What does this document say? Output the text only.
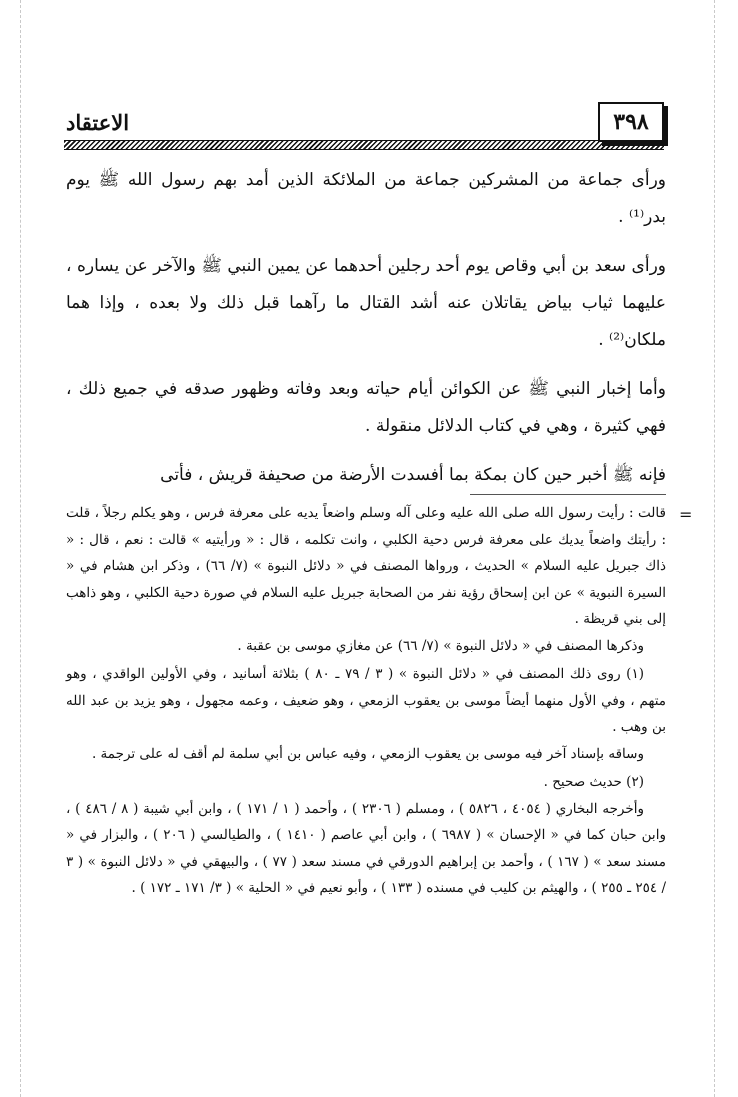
الاعتقاد	٣٩٨

ورأى جماعة من المشركين جماعة من الملائكة الذين أمد بهم رسول الله ﷺ يوم بدر⁽¹⁾ .

ورأى سعد بن أبي وقاص يوم أحد رجلين أحدهما عن يمين النبي ﷺ والآخر عن يساره ، عليهما ثياب بياض يقاتلان عنه أشد القتال ما رآهما قبل ذلك ولا بعده ، وإذا هما ملكان⁽²⁾ .

وأما إخبار النبي ﷺ عن الكوائن أيام حياته وبعد وفاته وظهور صدقه في جميع ذلك ، فهي كثيرة ، وهي في كتاب الدلائل منقولة .

فإنه ﷺ أخبر حين كان بمكة بما أفسدت الأرضة من صحيفة قريش ، فأتى

=

قالت : رأيت رسول الله صلى الله عليه وعلى آله وسلم واضعاً يديه على معرفة فرس ، وهو يكلم رجلاً ، قلت : رأيتك واضعاً يديك على معرفة فرس دحية الكلبي ، وانت تكلمه ، قال : « ورأيتيه » قالت : نعم ، قال : « ذاك جبريل عليه السلام » الحديث ، ورواها المصنف في « دلائل النبوة » (٧/ ٦٦) ، وذكر ابن هشام في « السيرة النبوية » عن ابن إسحاق رؤية نفر من الصحابة جبريل عليه السلام في صورة دحية الكلبي ، وهو ذاهب إلى بني قريظة .

وذكرها المصنف في « دلائل النبوة » (٧/ ٦٦) عن مغازي موسى بن عقبة .

(١) روى ذلك المصنف في « دلائل النبوة » ( ٣ / ٧٩ ـ ٨٠ ) بثلاثة أسانيد ، وفي الأولين الواقدي ، وهو متهم ، وفي الأول منهما أيضاً موسى بن يعقوب الزمعي ، وهو ضعيف ، وعمه مجهول ، وهو يزيد بن عبد الله بن وهب .

وساقه بإسناد آخر فيه موسى بن يعقوب الزمعي ، وفيه عباس بن أبي سلمة لم أقف له على ترجمة .

(٢) حديث صحيح .

وأخرجه البخاري ( ٤٠٥٤ ، ٥٨٢٦ ) ، ومسلم ( ٢٣٠٦ ) ، وأحمد ( ١ / ١٧١ ) ، وابن أبي شيبة ( ٨ / ٤٨٦ ) ، وابن حبان كما في « الإحسان » ( ٦٩٨٧ ) ، وابن أبي عاصم ( ١٤١٠ ) ، والطيالسي ( ٢٠٦ ) ، والبزار في « مسند سعد » ( ١٦٧ ) ، وأحمد بن إبراهيم الدورقي في مسند سعد ( ٧٧ ) ، والبيهقي في « دلائل النبوة » ( ٣ / ٢٥٤ ـ ٢٥٥ ) ، والهيثم بن كليب في مسنده ( ١٣٣ ) ، وأبو نعيم في « الحلية » ( ٣/ ١٧١ ـ ١٧٢ ) .
